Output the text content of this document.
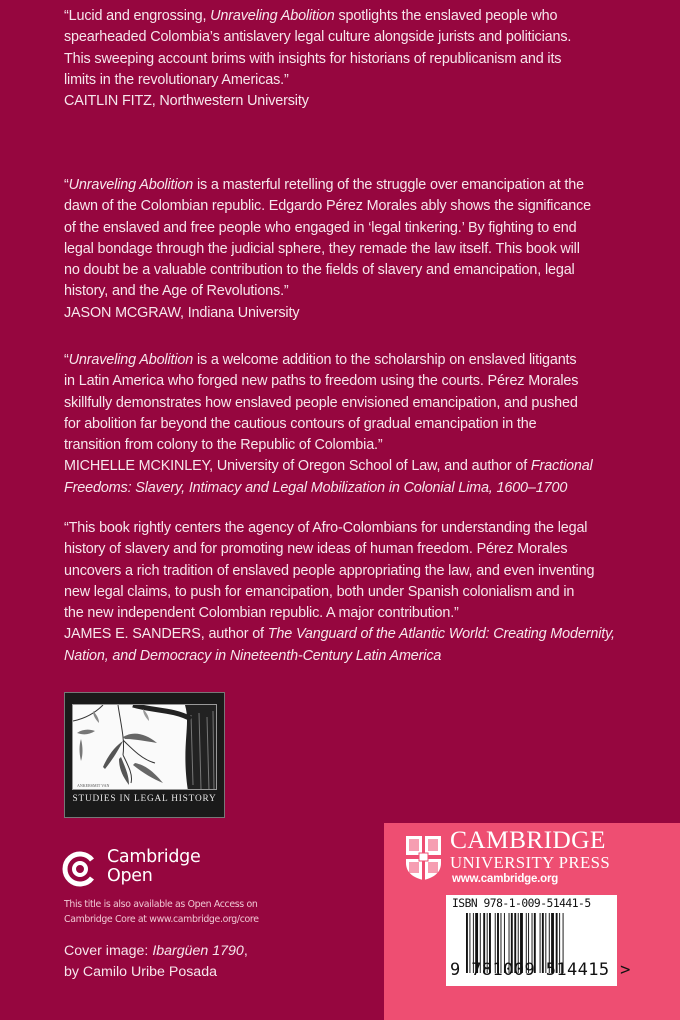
“Lucid and engrossing, Unraveling Abolition spotlights the enslaved people who

spearheaded Colombia’s antislavery legal culture alongside jurists and politicians.

This sweeping account brims with insights for historians of republicanism and its

limits in the revolutionary Americas.”

CAITLIN FITZ, Northwestern University

“Unraveling Abolition is a masterful retelling of the struggle over emancipation at the

dawn of the Colombian republic. Edgardo Pérez Morales ably shows the significance

of the enslaved and free people who engaged in ‘legal tinkering.’ By fighting to end

legal bondage through the judicial sphere, they remade the law itself. This book will

no doubt be a valuable contribution to the fields of slavery and emancipation, legal

history, and the Age of Revolutions.”

JASON MCGRAW, Indiana University

“Unraveling Abolition is a welcome addition to the scholarship on enslaved litigants

in Latin America who forged new paths to freedom using the courts. Pérez Morales

skillfully demonstrates how enslaved people envisioned emancipation, and pushed

for abolition far beyond the cautious contours of gradual emancipation in the

transition from colony to the Republic of Colombia.”

MICHELLE MCKINLEY, University of Oregon School of Law, and author of Fractional

Freedoms: Slavery, Intimacy and Legal Mobilization in Colonial Lima, 1600–1700

“This book rightly centers the agency of Afro-Colombians for understanding the legal

history of slavery and for promoting new ideas of human freedom. Pérez Morales

uncovers a rich tradition of enslaved people appropriating the law, and even inventing

new legal claims, to push for emancipation, both under Spanish colonialism and in

the new independent Colombian republic. A major contribution.”

JAMES E. SANDERS, author of The Vanguard of the Atlantic World: Creating Modernity,

Nation, and Democracy in Nineteenth-Century Latin America

ANKERSMIT VAN
STUDIES IN LEGAL HISTORY
Cambridge
Open
This title is also available as Open Access on
Cambridge Core at www.cambridge.org/core
Cover image: Ibargüen 1790,
by Camilo Uribe Posada
CAMBRIDGE
UNIVERSITY PRESS
www.cambridge.org
ISBN 978-1-009-51441-5
9 781009 514415 >
